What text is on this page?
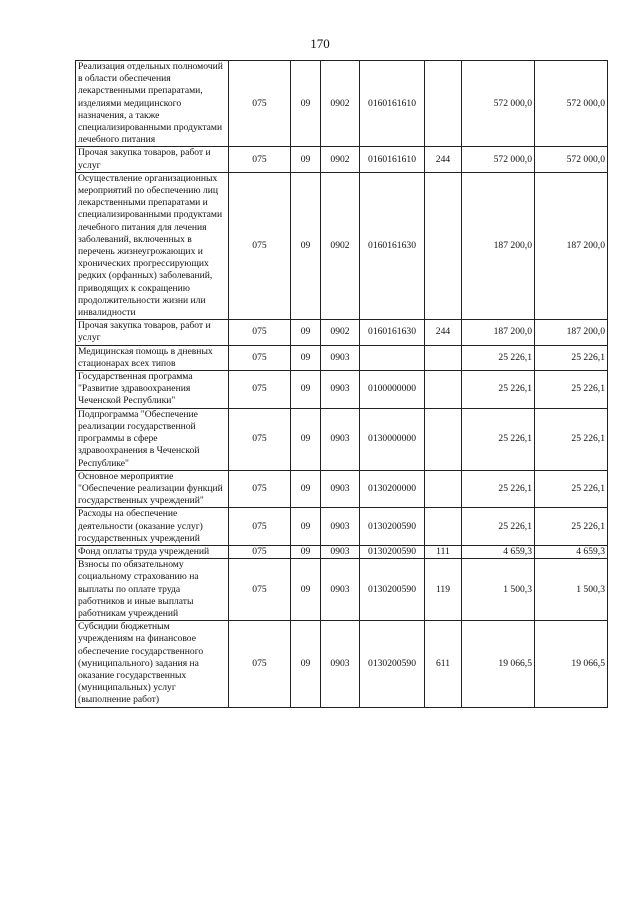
170
Реализация отдельных полномочий в области обеспечения лекарственными препаратами, изделиями медицинского назначения, а также специализированными продуктами лечебного питания	075	09	0902	0160161610		572 000,0	572 000,0
Прочая закупка товаров, работ и услуг	075	09	0902	0160161610	244	572 000,0	572 000,0
Осуществление организационных мероприятий по обеспечению лиц лекарственными препаратами и специализированными продуктами лечебного питания для лечения заболеваний, включенных в перечень жизнеугрожающих и хронических прогрессирующих редких (орфанных) заболеваний, приводящих к сокращению продолжительности жизни или инвалидности	075	09	0902	0160161630		187 200,0	187 200,0
Прочая закупка товаров, работ и услуг	075	09	0902	0160161630	244	187 200,0	187 200,0
Медицинская помощь в дневных стационарах всех типов	075	09	0903			25 226,1	25 226,1
Государственная программа "Развитие здравоохранения Чеченской Республики"	075	09	0903	0100000000		25 226,1	25 226,1
Подпрограмма "Обеспечение реализации государственной программы в сфере здравоохранения в Чеченской Республике"	075	09	0903	0130000000		25 226,1	25 226,1
Основное мероприятие "Обеспечение реализации функций государственных учреждений"	075	09	0903	0130200000		25 226,1	25 226,1
Расходы на обеспечение деятельности (оказание услуг) государственных учреждений	075	09	0903	0130200590		25 226,1	25 226,1
Фонд оплаты труда учреждений	075	09	0903	0130200590	111	4 659,3	4 659,3
Взносы по обязательному социальному страхованию на выплаты по оплате труда работников и иные выплаты работникам учреждений	075	09	0903	0130200590	119	1 500,3	1 500,3
Субсидии бюджетным учреждениям на финансовое обеспечение государственного (муниципального) задания на оказание государственных (муниципальных) услуг (выполнение работ)	075	09	0903	0130200590	611	19 066,5	19 066,5
